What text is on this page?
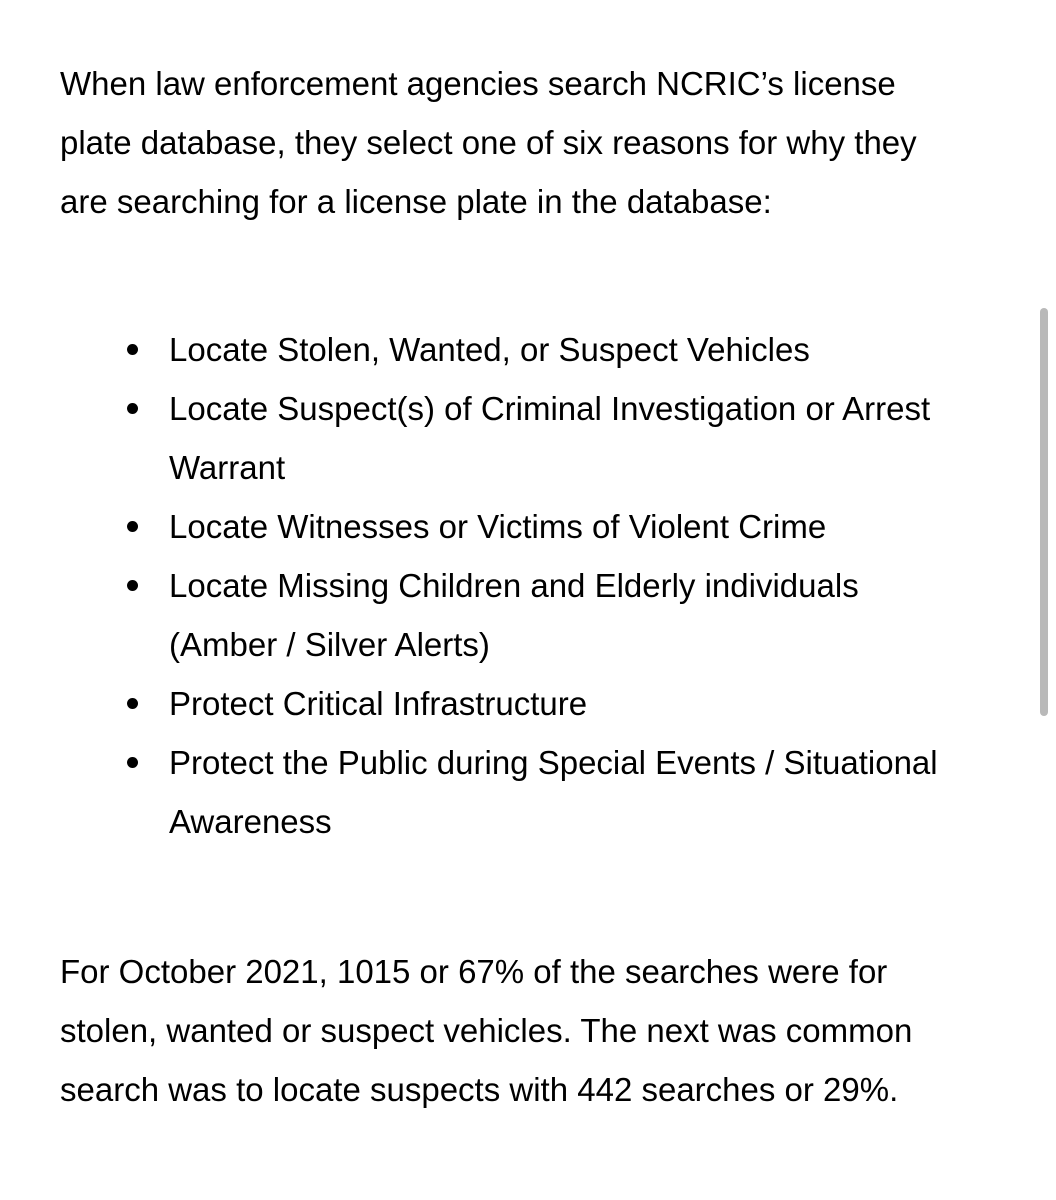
When law enforcement agencies search NCRIC’s license plate database, they select one of six reasons for why they are searching for a license plate in the database:

Locate Stolen, Wanted, or Suspect Vehicles
Locate Suspect(s) of Criminal Investigation or Arrest Warrant
Locate Witnesses or Victims of Violent Crime
Locate Missing Children and Elderly individuals (Amber / Silver Alerts)
Protect Critical Infrastructure
Protect the Public during Special Events / Situational Awareness

For October 2021, 1015 or 67% of the searches were for stolen, wanted or suspect vehicles. The next was common search was to locate suspects with 442 searches or 29%.
